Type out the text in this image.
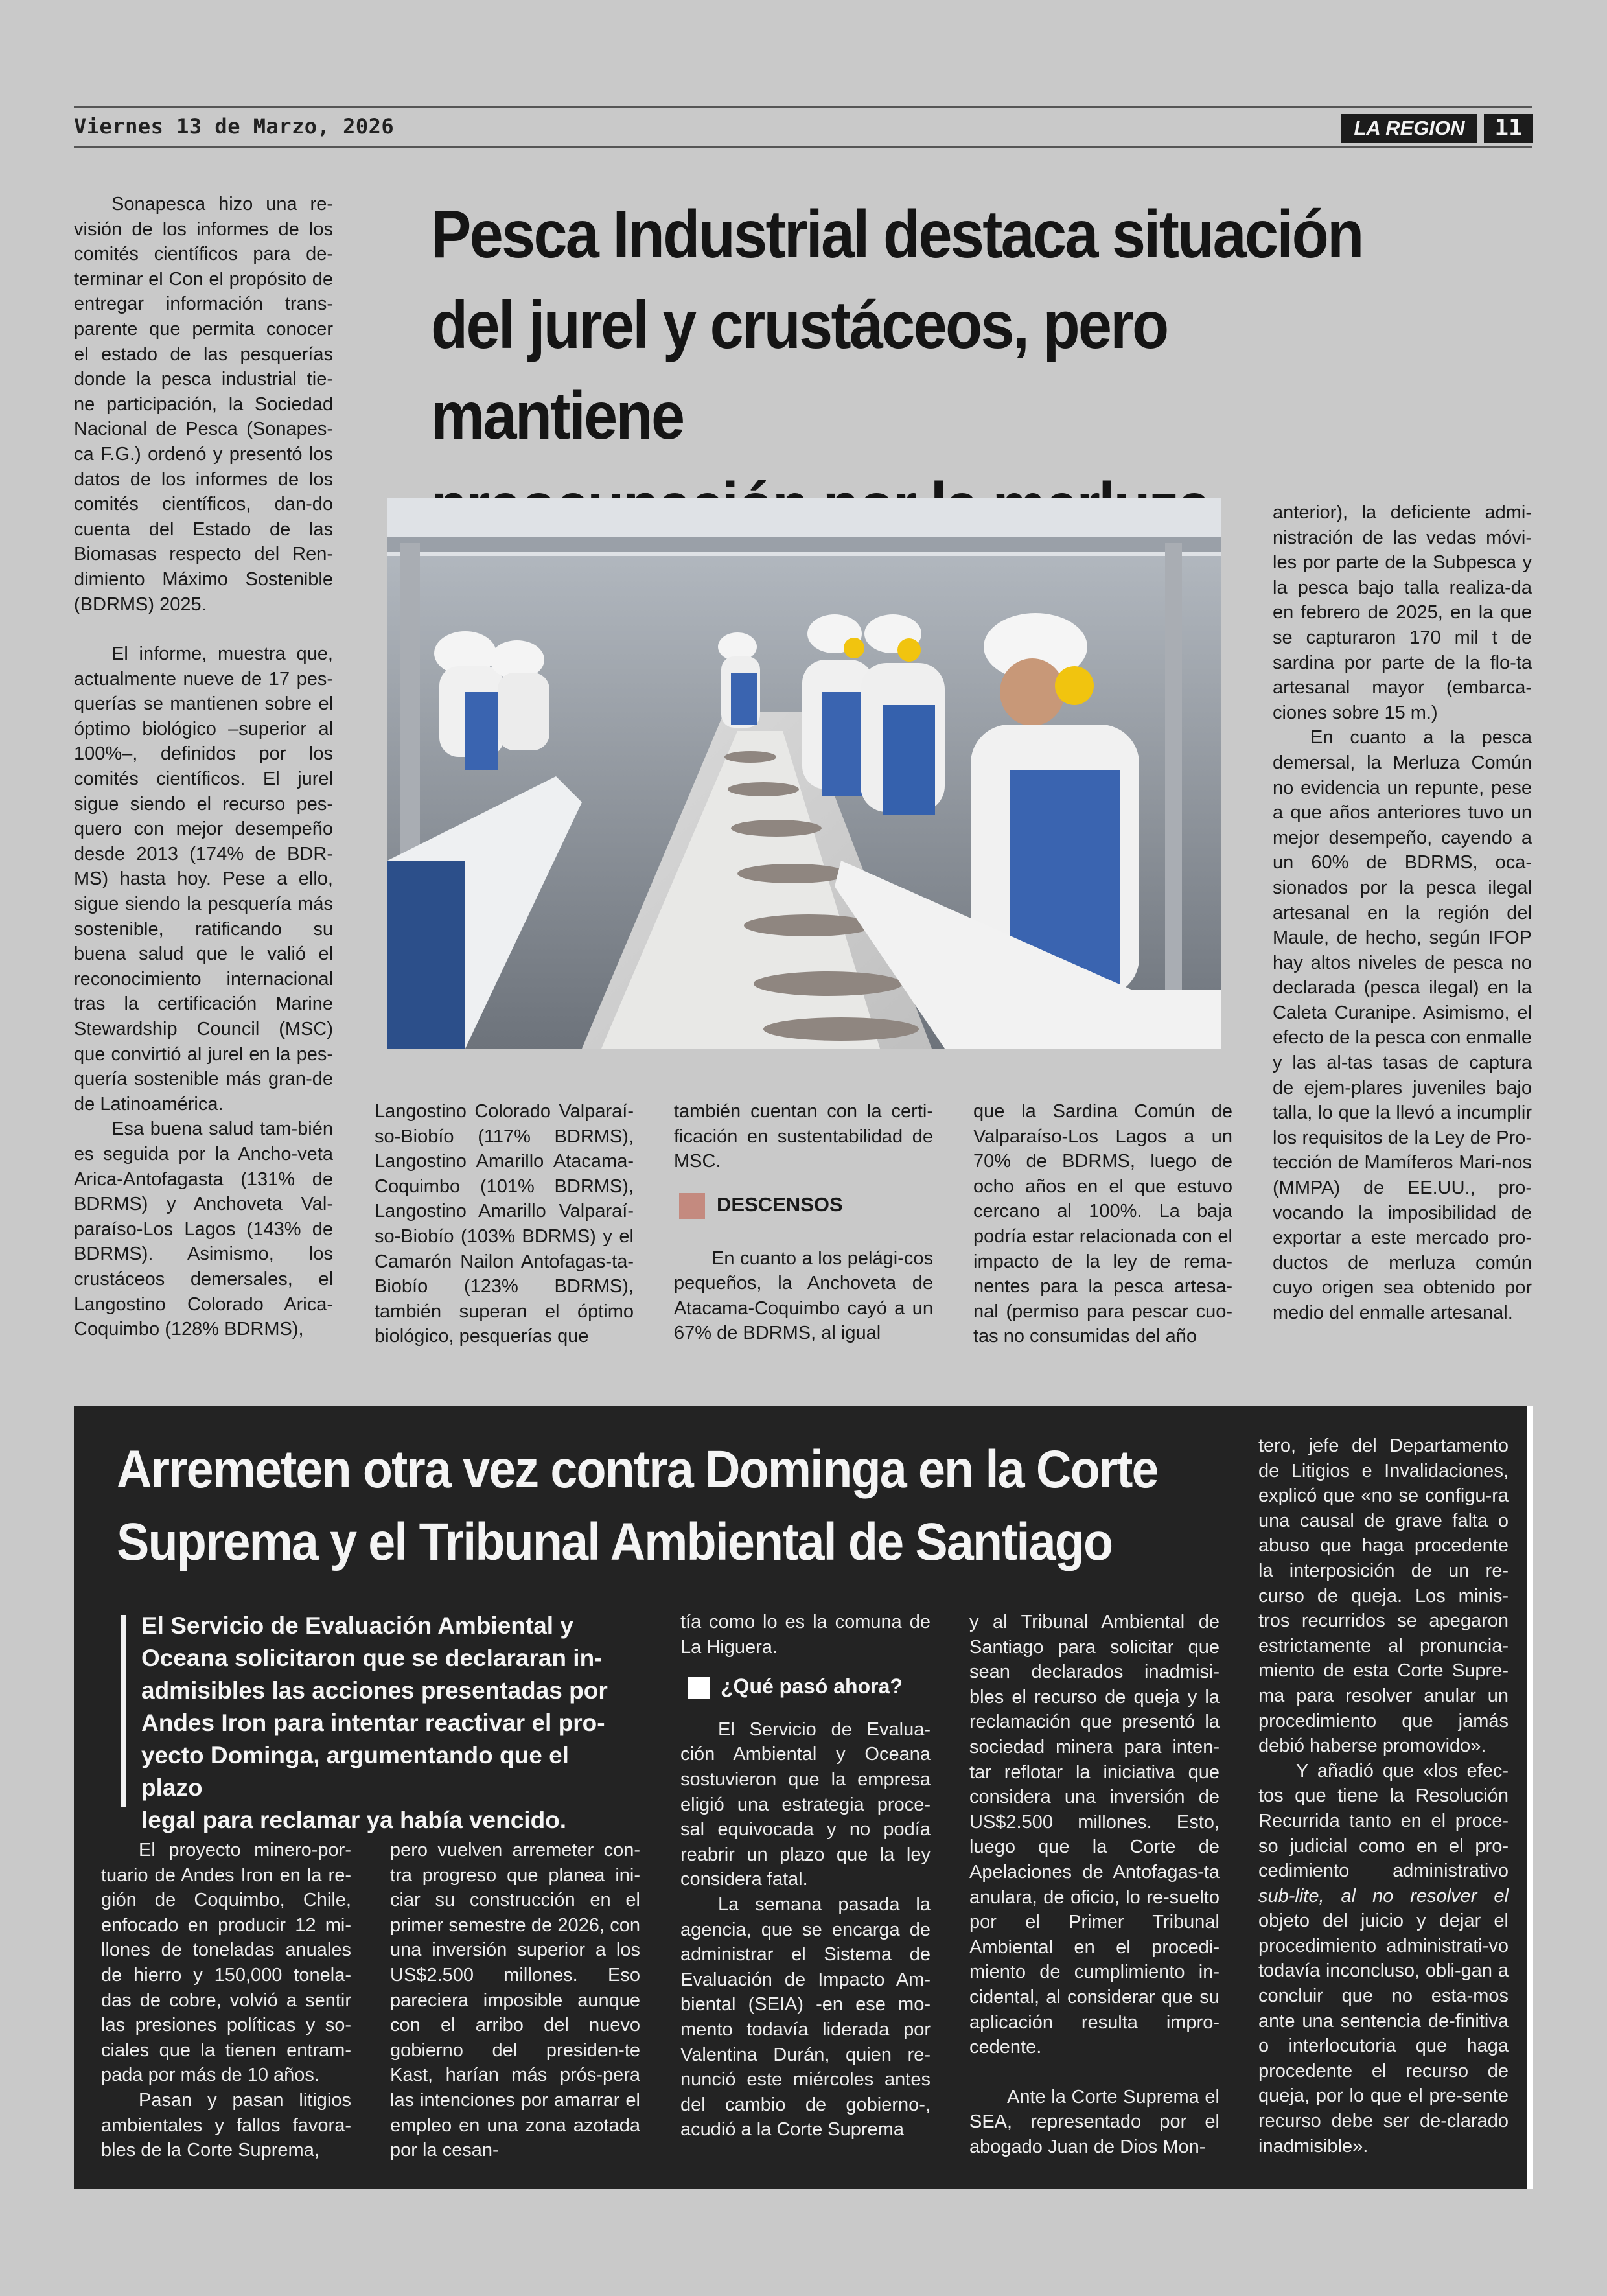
Viernes 13 de Marzo, 2026	LA REGION	11
Pesca Industrial destaca situación
del jurel y crustáceos, pero mantiene

Sonapesca hizo una re-visión de los informes de los comités científicos para de-terminar el Con el propósito de entregar información trans-parente que permita conocer el estado de las pesquerías donde la pesca industrial tie-ne participación, la Sociedad Nacional de Pesca (Sonapes-ca F.G.) ordenó y presentó los datos de los informes de los comités científicos, dan-do cuenta del Estado de las Biomasas respecto del Ren-dimiento Máximo Sostenible (BDRMS) 2025.

El informe, muestra que, actualmente nueve de 17 pes-querías se mantienen sobre el óptimo biológico –superior al 100%–, definidos por los comités científicos. El jurel sigue siendo el recurso pes-quero con mejor desempeño desde 2013 (174% de BDR-MS) hasta hoy. Pese a ello, sigue siendo la pesquería más sostenible, ratificando su buena salud que le valió el reconocimiento internacional tras la certificación Marine Stewardship Council (MSC) que convirtió al jurel en la pes-quería sostenible más gran-de de Latinoamérica.

Esa buena salud tam-bién es seguida por la Ancho-veta Arica-Antofagasta (131% de BDRMS) y Anchoveta Val-paraíso-Los Lagos (143% de BDRMS). Asimismo, los crustáceos demersales, el Langostino Colorado Arica-Coquimbo (128% BDRMS),

Langostino Colorado Valparaí-so-Biobío (117% BDRMS), Langostino Amarillo Atacama-Coquimbo (101% BDRMS), Langostino Amarillo Valparaí-so-Biobío (103% BDRMS) y el Camarón Nailon Antofagas-ta-Biobío (123% BDRMS), también superan el óptimo biológico, pesquerías que

también cuentan con la certi-ficación en sustentabilidad de MSC.

DESCENSOS

En cuanto a los pelági-cos pequeños, la Anchoveta de Atacama-Coquimbo cayó a un 67% de BDRMS, al igual

que la Sardina Común de Valparaíso-Los Lagos a un 70% de BDRMS, luego de ocho años en el que estuvo cercano al 100%. La baja podría estar relacionada con el impacto de la ley de rema-nentes para la pesca artesa-nal (permiso para pescar cuo-tas no consumidas del año

anterior), la deficiente admi-nistración de las vedas móvi-les por parte de la Subpesca y la pesca bajo talla realiza-da en febrero de 2025, en la que se capturaron 170 mil t de sardina por parte de la flo-ta artesanal mayor (embarca-ciones sobre 15 m.)

En cuanto a la pesca demersal, la Merluza Común no evidencia un repunte, pese a que años anteriores tuvo un mejor desempeño, cayendo a un 60% de BDRMS, oca-sionados por la pesca ilegal artesanal en la región del Maule, de hecho, según IFOP hay altos niveles de pesca no declarada (pesca ilegal) en la Caleta Curanipe. Asimismo, el efecto de la pesca con enmalle y las al-tas tasas de captura de ejem-plares juveniles bajo talla, lo que la llevó a incumplir los requisitos de la Ley de Pro-tección de Mamíferos Mari-nos (MMPA) de EE.UU., pro-vocando la imposibilidad de exportar a este mercado pro-ductos de merluza común cuyo origen sea obtenido por medio del enmalle artesanal.

Arremeten otra vez contra Dominga en la Corte
Suprema y el Tribunal Ambiental de Santiago
El Servicio de Evaluación Ambiental y
Oceana solicitaron que se declararan in-
admisibles las acciones presentadas por
Andes Iron para intentar reactivar el pro-
yecto Dominga, argumentando que el plazo
legal para reclamar ya había vencido.

El proyecto minero-por-tuario de Andes Iron en la re-gión de Coquimbo, Chile, enfocado en producir 12 mi-llones de toneladas anuales de hierro y 150,000 tonela-das de cobre, volvió a sentir las presiones políticas y so-ciales que la tienen entram-pada por más de 10 años.

Pasan y pasan litigios ambientales y fallos favora-bles de la Corte Suprema,

pero vuelven arremeter con-tra progreso que planea ini-ciar su construcción en el primer semestre de 2026, con una inversión superior a los US$2.500 millones. Eso pareciera imposible aunque con el arribo del nuevo gobierno del presiden-te Kast, harían más prós-pera las intenciones por amarrar el empleo en una zona azotada por la cesan-

tía como lo es la comuna de La Higuera.

¿Qué pasó ahora?

El Servicio de Evalua-ción Ambiental y Oceana sostuvieron que la empresa eligió una estrategia proce-sal equivocada y no podía reabrir un plazo que la ley considera fatal.

La semana pasada la agencia, que se encarga de administrar el Sistema de Evaluación de Impacto Am-biental (SEIA) -en ese mo-mento todavía liderada por Valentina Durán, quien re-nunció este miércoles antes del cambio de gobierno-, acudió a la Corte Suprema

y al Tribunal Ambiental de Santiago para solicitar que sean declarados inadmisi-bles el recurso de queja y la reclamación que presentó la sociedad minera para inten-tar reflotar la iniciativa que considera una inversión de US$2.500 millones. Esto, luego que la Corte de Apelaciones de Antofagas-ta anulara, de oficio, lo re-suelto por el Primer Tribunal Ambiental en el procedi-miento de cumplimiento in-cidental, al considerar que su aplicación resulta impro-cedente.

Ante la Corte Suprema el SEA, representado por el abogado Juan de Dios Mon-

tero, jefe del Departamento de Litigios e Invalidaciones, explicó que «no se configu-ra una causal de grave falta o abuso que haga procedente la interposición de un re-curso de queja. Los minis-tros recurridos se apegaron estrictamente al pronuncia-miento de esta Corte Supre-ma para resolver anular un procedimiento que jamás debió haberse promovido».

Y añadió que «los efec-tos que tiene la Resolución Recurrida tanto en el proce-so judicial como en el pro-cedimiento administrativo sub-lite, al no resolver el objeto del juicio y dejar el procedimiento administrati-vo todavía inconcluso, obli-gan a concluir que no esta-mos ante una sentencia de-finitiva o interlocutoria que haga procedente el recurso de queja, por lo que el pre-sente recurso debe ser de-clarado inadmisible».
